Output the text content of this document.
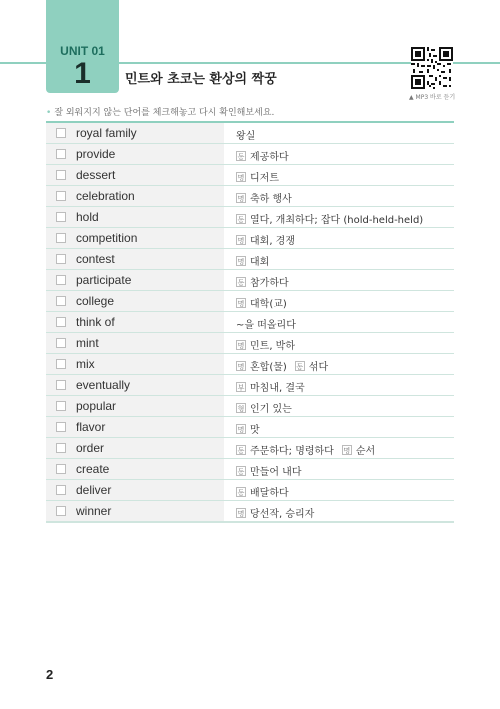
UNIT 01
1	민트와 초코는 환상의 짝꿍
▲ MP3 바로 듣기
• 잘 외워지지 않는 단어를 체크해놓고 다시 확인해보세요.
royal family	왕실
provide	동 제공하다
dessert	명 디저트
celebration	명 축하 행사
hold	동 열다, 개최하다; 잡다 (hold-held-held)
competition	명 대회, 경쟁
contest	명 대회
participate	동 참가하다
college	명 대학(교)
think of	~을 떠올리다
mint	명 민트, 박하
mix	명 혼합(물) 동 섞다
eventually	부 마침내, 결국
popular	형 인기 있는
flavor	명 맛
order	동 주문하다; 명령하다 명 순서
create	동 만들어 내다
deliver	동 배달하다
winner	명 당선작, 승리자
2
